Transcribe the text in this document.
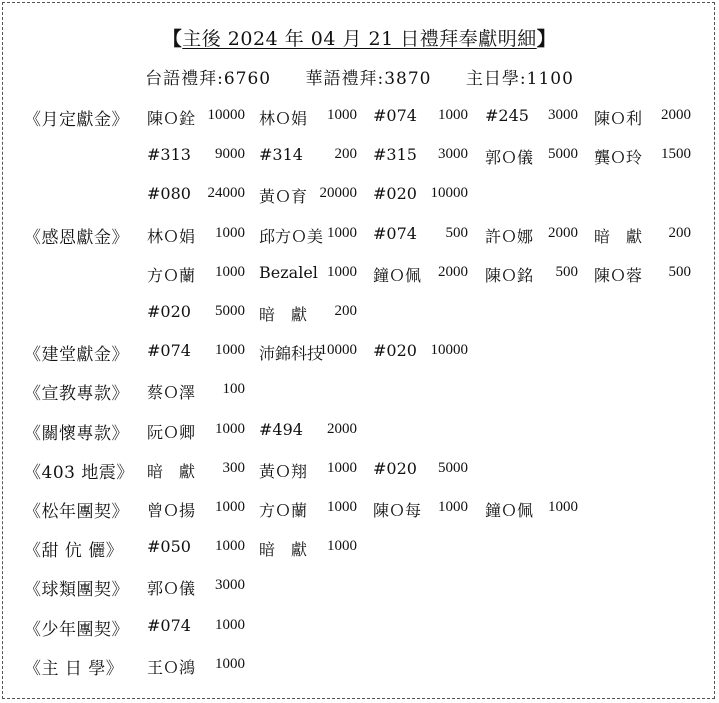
【主後 2024 年 04 月 21 日禮拜奉獻明細】
台語禮拜:6760 華語禮拜:3870 主日學:1100
《月定獻金》 陳Ｏ銓 10000 林Ｏ娟 1000 #074 1000 #245 3000 陳Ｏ利 2000
#313 9000 #314 200 #315 3000 郭Ｏ儀 5000 龔Ｏ玲 1500
#080 24000 黃Ｏ育 20000 #020 10000
《感恩獻金》 林Ｏ娟 1000 邱方Ｏ美 1000 #074 500 許Ｏ娜 2000 暗　獻 200
方Ｏ蘭 1000 Bezalel 1000 鐘Ｏ佩 2000 陳Ｏ銘 500 陳Ｏ蓉 500
#020 5000 暗　獻 200
《建堂獻金》 #074 1000 沛錦科技
10000 #020 10000
《宣教專款》 蔡Ｏ澤 100
《關懷專款》 阮Ｏ卿 1000 #494 2000
《403 地震》 暗　獻 300 黃Ｏ翔 1000 #020 5000
《松年團契》 曾Ｏ揚 1000 方Ｏ蘭 1000 陳Ｏ每 1000 鐘Ｏ佩 1000
《甜 伉 儷》 #050 1000 暗　獻 1000
《球類團契》 郭Ｏ儀 3000
《少年團契》 #074 1000
《主 日 學》 王Ｏ鴻 1000
